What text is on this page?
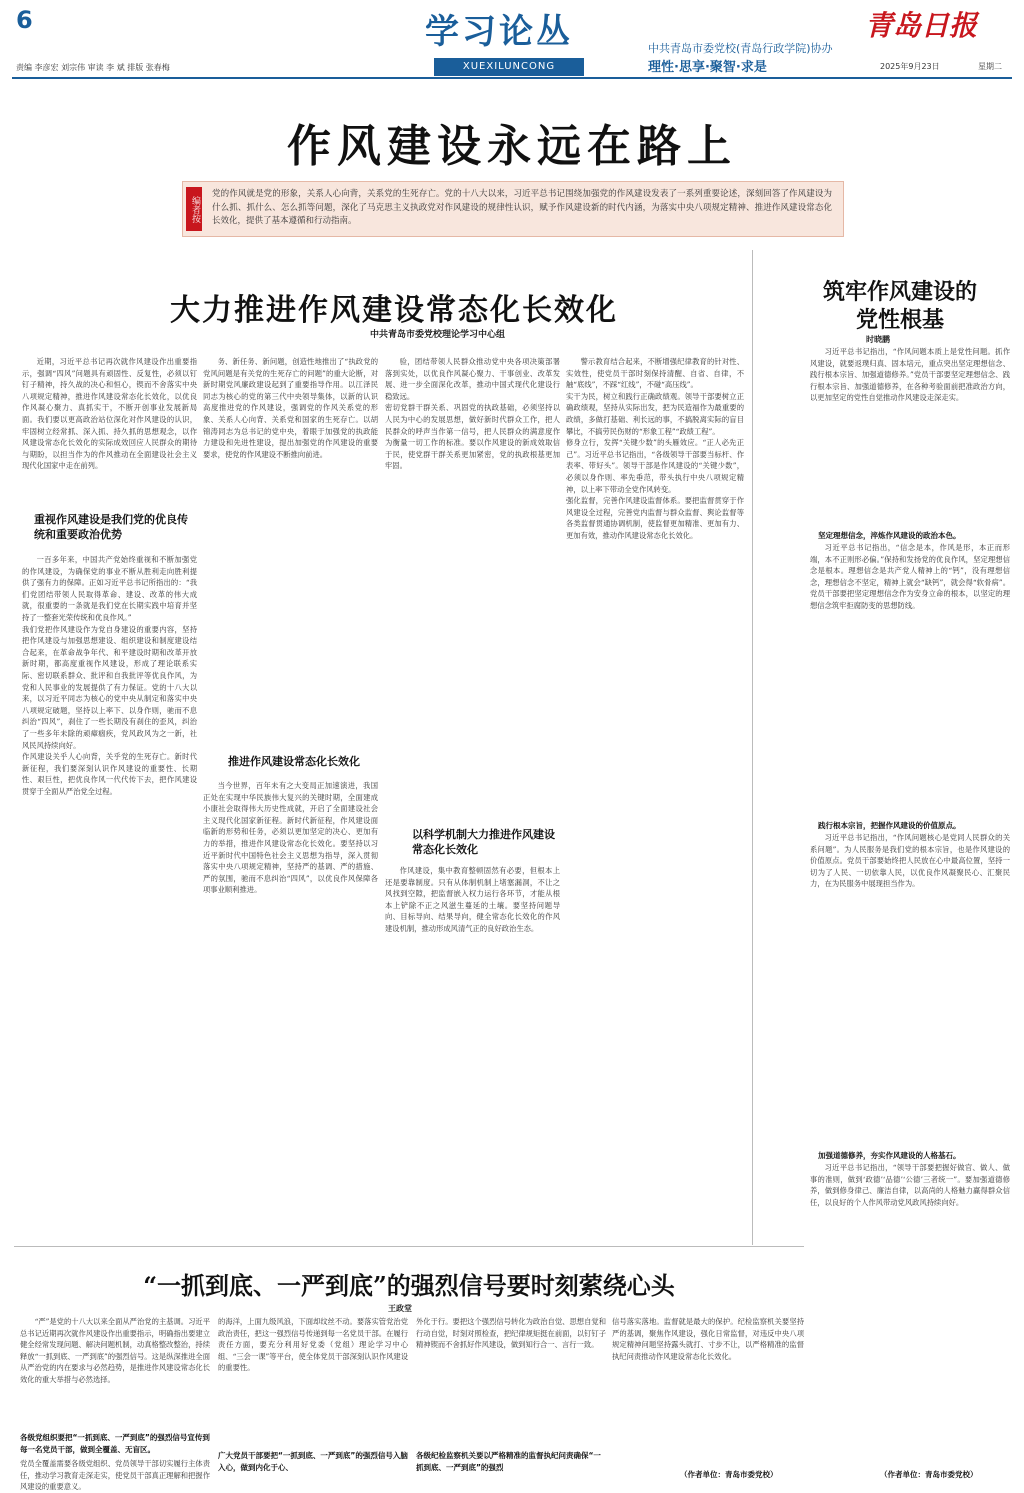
6	学习论丛
XUEXILUNCONG
青岛日报
中共青岛市委党校(青岛行政学院)协办
理性·思享·聚智·求是	2025年9月23日	星期二
责编 李彦宏 刘宗伟 审读 李 斌 排版 张春梅
作风建设永远在路上
编者按
党的作风就是党的形象，关系人心向背，关系党的生死存亡。党的十八大以来，习近平总书记围绕加强党的作风建设发表了一系列重要论述，深刻回答了作风建设为什么抓、抓什么、怎么抓等问题，深化了马克思主义执政党对作风建设的规律性认识，赋予作风建设新的时代内涵，为落实中央八项规定精神、推进作风建设常态化长效化，提供了基本遵循和行动指南。
大力推进作风建设常态化长效化
中共青岛市委党校理论学习中心组
近期，习近平总书记再次就作风建设作出重要指示，强调“四风”问题具有顽固性、反复性，必须以钉钉子精神，持久战的决心和恒心，锲而不舍落实中央八项规定精神，推进作风建设常态化长效化，以优良作风凝心聚力、真抓实干，不断开创事业发展新局面。我们要以更高政治站位深化对作风建设的认识，牢固树立经常抓、深入抓、持久抓的思想观念，以作风建设常态化长效化的实际成效回应人民群众的期待与期盼，以担当作为的作风推动在全面建设社会主义现代化国家中走在前列。
重视作风建设是我们党的优良传统和重要政治优势
一百多年来，中国共产党始终重视和不断加强党的作风建设，为确保党的事业不断从胜利走向胜利提供了强有力的保障。正如习近平总书记所指出的：“我们党团结带领人民取得革命、建设、改革的伟大成就，很重要的一条就是我们党在长期实践中培育并坚持了一整套光荣传统和优良作风。”
我们党把作风建设作为党自身建设的重要内容，坚持把作风建设与加强思想建设、组织建设和制度建设结合起来，在革命战争年代、和平建设时期和改革开放新时期，都高度重视作风建设，形成了理论联系实际、密切联系群众、批评和自我批评等优良作风，为党和人民事业的发展提供了有力保证。党的十八大以来，以习近平同志为核心的党中央从制定和落实中央八项规定破题，坚持以上率下、以身作则，驰而不息纠治“四风”，刹住了一些长期没有刹住的歪风，纠治了一些多年未除的顽瘴痼疾，党风政风为之一新，社风民风持续向好。
作风建设关乎人心向背，关乎党的生死存亡。新时代新征程，我们要深刻认识作风建设的重要性、长期性、艰巨性，把优良作风一代代传下去，把作风建设贯穿于全面从严治党全过程。
务、新任务、新问题，创造性地推出了“执政党的党风问题是有关党的生死存亡的问题”的重大论断，对新时期党风廉政建设起到了重要指导作用。以江泽民同志为核心的党的第三代中央领导集体，以新的认识高度推进党的作风建设，强调党的作风关系党的形象、关系人心向背、关系党和国家的生死存亡。以胡锦涛同志为总书记的党中央，着眼于加强党的执政能力建设和先进性建设，提出加强党的作风建设的重要要求，使党的作风建设不断推向前进。
推进作风建设常态化长效化
当今世界，百年未有之大变局正加速演进，我国正处在实现中华民族伟大复兴的关键时期，全面建成小康社会取得伟大历史性成就，开启了全面建设社会主义现代化国家新征程。新时代新征程，作风建设面临新的形势和任务，必须以更加坚定的决心、更加有力的举措，推进作风建设常态化长效化。要坚持以习近平新时代中国特色社会主义思想为指导，深入贯彻落实中央八项规定精神，坚持严的基调、严的措施、严的氛围，驰而不息纠治“四风”，以优良作风保障各项事业顺利推进。
验，团结带领人民群众推动党中央各项决策部署落到实处，以优良作风凝心聚力、干事创业、改革发展、进一步全面深化改革，推动中国式现代化建设行稳致远。
密切党群干群关系、巩固党的执政基础，必须坚持以人民为中心的发展思想，做好新时代群众工作，把人民群众的呼声当作第一信号，把人民群众的满意度作为衡量一切工作的标准。要以作风建设的新成效取信于民，使党群干群关系更加紧密，党的执政根基更加牢固。
以科学机制大力推进作风建设常态化长效化
作风建设，集中教育整顿固然有必要，但根本上还是要靠制度。只有从体制机制上堵塞漏洞，不让之风找到空隙，把监督嵌入权力运行各环节，才能从根本上铲除不正之风滋生蔓延的土壤。要坚持问题导向、目标导向、结果导向，健全常态化长效化的作风建设机制，推动形成风清气正的良好政治生态。
警示教育结合起来，不断增强纪律教育的针对性、实效性，使党员干部时刻保持清醒、自省、自律，不触“底线”，不踩“红线”，不碰“高压线”。
实干为民，树立和践行正确政绩观。领导干部要树立正确政绩观，坚持从实际出发，把为民造福作为最重要的政绩，多做打基础、利长远的事，不搞脱离实际的盲目攀比，不搞劳民伤财的“形象工程”“政绩工程”。
修身立行，发挥“关键少数”的头雁效应。“正人必先正己”。习近平总书记指出，“各级领导干部要当标杆、作表率、带好头”。领导干部是作风建设的“关键少数”，必须以身作则、率先垂范，带头执行中央八项规定精神，以上率下带动全党作风转变。
强化监督，完善作风建设监督体系。要把监督贯穿于作风建设全过程，完善党内监督与群众监督、舆论监督等各类监督贯通协调机制，使监督更加精准、更加有力、更加有效，推动作风建设常态化长效化。
筑牢作风建设的党性根基
时晓鹏
习近平总书记指出，“作风问题本质上是党性问题。抓作风建设，就要返璞归真、固本培元，重点突出坚定理想信念、践行根本宗旨、加强道德修养。”党员干部要坚定理想信念、践行根本宗旨、加强道德修养，在各种考验面前把准政治方向，以更加坚定的党性自觉推动作风建设走深走实。
坚定理想信念，淬炼作风建设的政治本色。
习近平总书记指出，“信念是本，作风是形，本正而形端，本不正则形必偏。”保持和发扬党的优良作风，坚定理想信念是根本。理想信念是共产党人精神上的“钙”，没有理想信念，理想信念不坚定，精神上就会“缺钙”，就会得“软骨病”。党员干部要把坚定理想信念作为安身立命的根本，以坚定的理想信念筑牢拒腐防变的思想防线。
践行根本宗旨，把握作风建设的价值原点。
习近平总书记指出，“作风问题核心是党同人民群众的关系问题”。为人民服务是我们党的根本宗旨，也是作风建设的价值原点。党员干部要始终把人民放在心中最高位置，坚持一切为了人民、一切依靠人民，以优良作风凝聚民心、汇聚民力，在为民服务中展现担当作为。
加强道德修养，夯实作风建设的人格基石。
习近平总书记指出，“领导干部要把握好做官、做人、做事的准则，做到‘政德’‘品德’‘公德’三者统一”。要加强道德修养，做到修身律己、廉洁自律，以高尚的人格魅力赢得群众信任，以良好的个人作风带动党风政风持续向好。
（作者单位：青岛市委党校）
“一抓到底、一严到底”的强烈信号要时刻萦绕心头
王政堂
“严”是党的十八大以来全面从严治党的主基调。习近平总书记近期再次就作风建设作出重要指示，明确指出要建立健全经常发现问题、解决问题机制，动真格整改整治，持续释放“一抓到底、一严到底”的强烈信号。这是纵深推进全面从严治党的内在要求与必然趋势，是推进作风建设常态化长效化的重大举措与必然选择。
各级党组织要把“一抓到底、一严到底”的强烈信号宣传到每一名党员干部，做到全覆盖、无盲区。
党员全覆盖需要各级党组织、党员领导干部切实履行主体责任，推动学习教育走深走实，使党员干部真正理解和把握作风建设的重要意义。
的海洋，上面九级风浪，下面却纹丝不动。要落实管党治党政治责任，把这一强烈信号传递到每一名党员干部。在履行责任方面，要充分利用好党委（党组）理论学习中心组、“三会一课”等平台，使全体党员干部深刻认识作风建设的重要性。
广大党员干部要把“一抓到底、一严到底”的强烈信号入脑入心，做到内化于心、
外化于行。要把这个强烈信号转化为政治自觉、思想自觉和行动自觉，时刻对照检查，把纪律规矩挺在前面，以钉钉子精神锲而不舍抓好作风建设，做到知行合一、言行一致。
各级纪检监察机关要以严格精准的监督执纪问责确保“一抓到底、一严到底”的强烈
信号落实落地。监督就是最大的保护。纪检监察机关要坚持严的基调，聚焦作风建设，强化日常监督，对违反中央八项规定精神问题坚持露头就打、寸步不让，以严格精准的监督执纪问责推动作风建设常态化长效化。
（作者单位：青岛市委党校）
